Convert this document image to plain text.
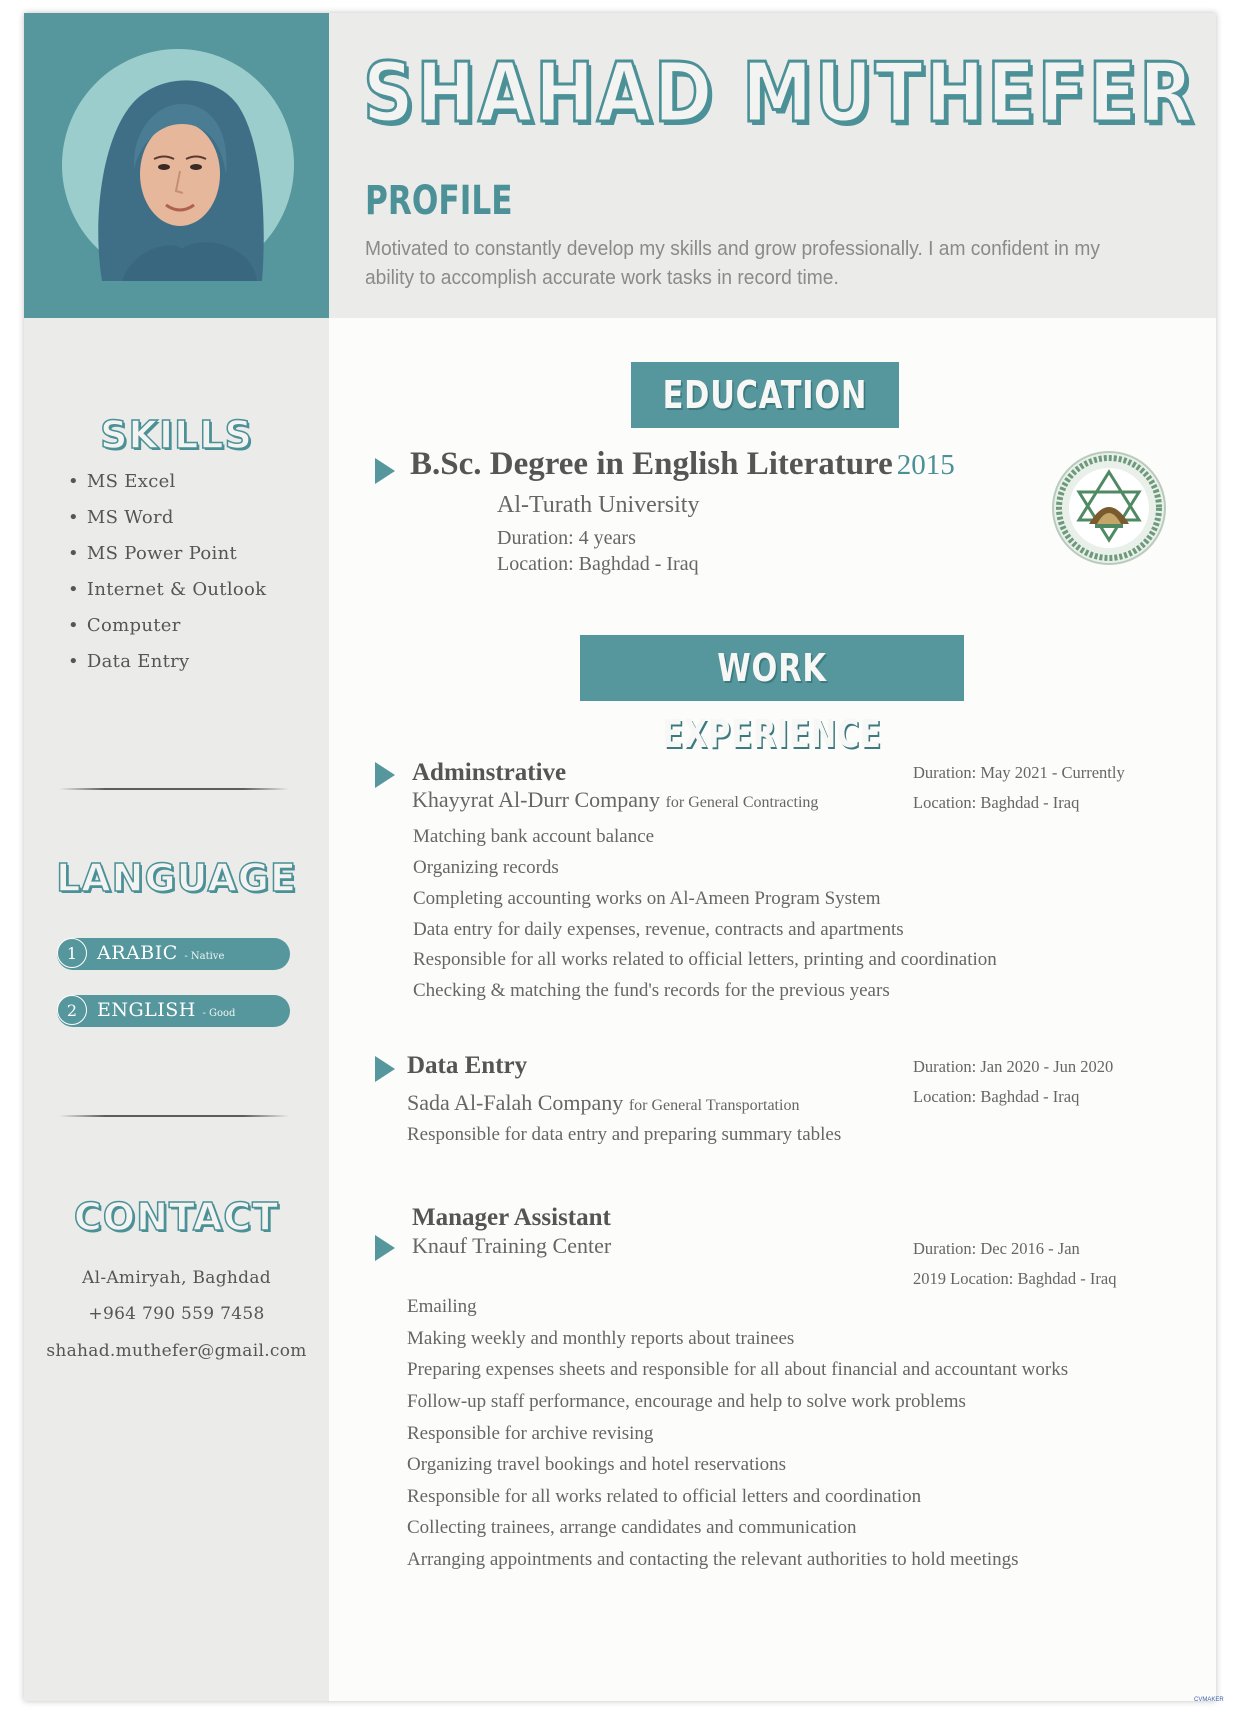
SHAHAD MUTHEFER
PROFILE
Motivated to constantly develop my skills and grow professionally. I am confident in my ability to accomplish accurate work tasks in record time.
SKILLS
• MS Excel
• MS Word
• MS Power Point
• Internet & Outlook
• Computer
• Data Entry
LANGUAGE
1	ARABIC - Native
2	ENGLISH - Good
CONTACT
Al-Amiryah, Baghdad
+964 790 559 7458
shahad.muthefer@gmail.com
EDUCATION
B.Sc. Degree in English Literature 2015
Al-Turath University
Duration: 4 years
Location: Baghdad - Iraq
WORK EXPERIENCE
Adminstrative
Khayyrat Al-Durr Company for General Contracting
Duration: May 2021 - Currently
Location: Baghdad - Iraq
Matching bank account balance
Organizing records
Completing accounting works on Al-Ameen Program System
Data entry for daily expenses, revenue, contracts and apartments
Responsible for all works related to official letters, printing and coordination
Checking & matching the fund's records for the previous years
Data Entry
Sada Al-Falah Company for General Transportation
Duration: Jan 2020 - Jun 2020
Location: Baghdad - Iraq
Responsible for data entry and preparing summary tables
Manager Assistant
Knauf Training Center	Duration: Dec 2016 - Jan
2019 Location: Baghdad - Iraq
Emailing
Making weekly and monthly reports about trainees
Preparing expenses sheets and responsible for all about financial and accountant works
Follow-up staff performance, encourage and help to solve work problems
Responsible for archive revising
Organizing travel bookings and hotel reservations
Responsible for all works related to official letters and coordination
Collecting trainees, arrange candidates and communication
Arranging appointments and contacting the relevant authorities to hold meetings
CVMAKER
